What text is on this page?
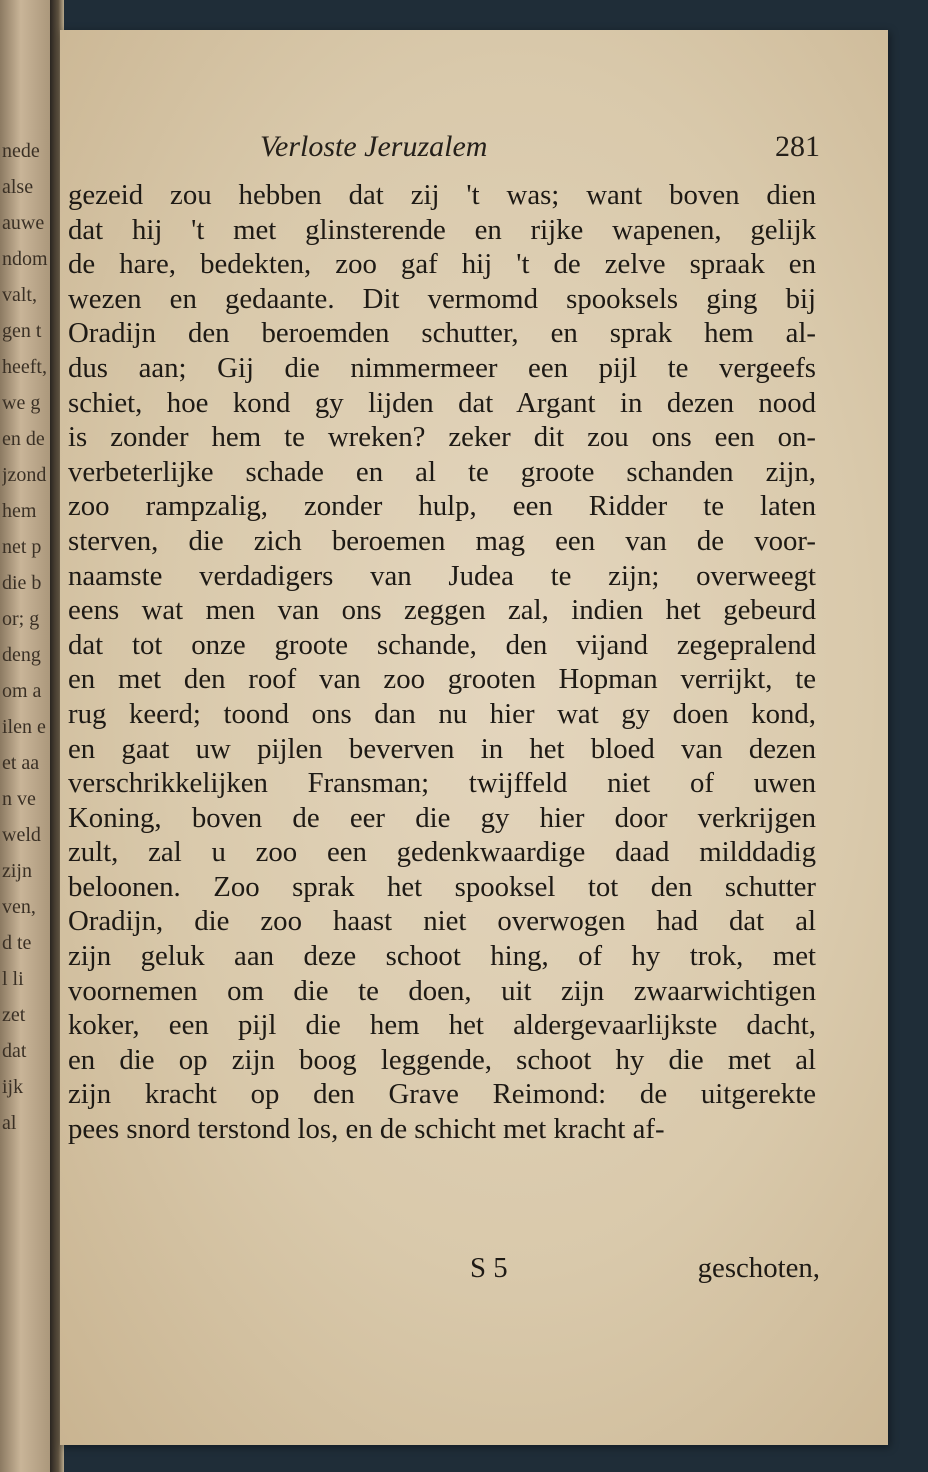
nede
alse
auwe
ndom
valt,
gen t
heeft,
we g
en de
jzond
hem
net p
die b
or; g
deng
om a
ilen e
et aa
n ve
weld
zijn
ven,
d te
l li
zet
dat
ijk
al
Verloste Jeruzalem	281
gezeid zou hebben dat zij 't was; want boven dien
dat hij 't met glinsterende en rijke wapenen, gelijk
de hare, bedekten, zoo gaf hij 't de zelve spraak en
wezen en gedaante. Dit vermomd spooksels ging bij
Oradijn den beroemden schutter, en sprak hem al-
dus aan; Gij die nimmermeer een pijl te vergeefs
schiet, hoe kond gy lijden dat Argant in dezen nood
is zonder hem te wreken? zeker dit zou ons een on-
verbeterlijke schade en al te groote schanden zijn,
zoo rampzalig, zonder hulp, een Ridder te laten
sterven, die zich beroemen mag een van de voor-
naamste verdadigers van Judea te zijn; overweegt
eens wat men van ons zeggen zal, indien het gebeurd
dat tot onze groote schande, den vijand zegepralend
en met den roof van zoo grooten Hopman verrijkt, te
rug keerd; toond ons dan nu hier wat gy doen kond,
en gaat uw pijlen beverven in het bloed van dezen
verschrikkelijken Fransman; twijffeld niet of uwen
Koning, boven de eer die gy hier door verkrijgen
zult, zal u zoo een gedenkwaardige daad milddadig
beloonen. Zoo sprak het spooksel tot den schutter
Oradijn, die zoo haast niet overwogen had dat al
zijn geluk aan deze schoot hing, of hy trok, met
voornemen om die te doen, uit zijn zwaarwichtigen
koker, een pijl die hem het aldergevaarlijkste dacht,
en die op zijn boog leggende, schoot hy die met al
zijn kracht op den Grave Reimond: de uitgerekte
pees snord terstond los, en de schicht met kracht af-
S 5	geschoten,
